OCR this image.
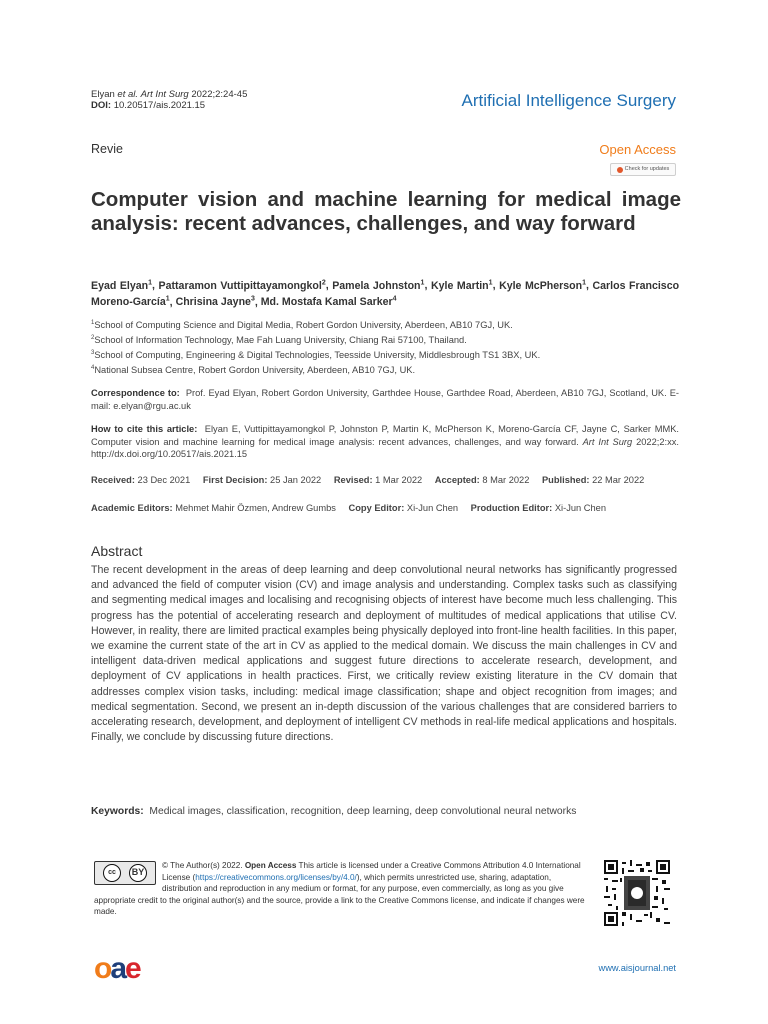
Elyan et al. Art Int Surg 2022;2:24-45
DOI: 10.20517/ais.2021.15	Artificial Intelligence Surgery
Revie	Open Access
Check for updates
Computer vision and machine learning for medical image analysis: recent advances, challenges, and way forward
Eyad Elyan$^1$, Pattaramon Vuttipittayamongkol$^2$, Pamela Johnston$^1$, Kyle Martin$^1$, Kyle McPherson$^1$, Carlos Francisco Moreno-García$^1$, Chrisina Jayne$^3$, Md. Mostafa Kamal Sarker$^4$
$^1$School of Computing Science and Digital Media, Robert Gordon University, Aberdeen, AB10 7GJ, UK.
$^2$School of Information Technology, Mae Fah Luang University, Chiang Rai 57100, Thailand.
$^3$School of Computing, Engineering & Digital Technologies, Teesside University, Middlesbrough TS1 3BX, UK.
$^4$National Subsea Centre, Robert Gordon University, Aberdeen, AB10 7GJ, UK.
Correspondence to: Prof. Eyad Elyan, Robert Gordon University, Garthdee House, Garthdee Road, Aberdeen, AB10 7GJ, Scotland, UK. E-mail: e.elyan@rgu.ac.uk
How to cite this article: Elyan E, Vuttipittayamongkol P, Johnston P, Martin K, McPherson K, Moreno-García CF, Jayne C, Sarker MMK. Computer vision and machine learning for medical image analysis: recent advances, challenges, and way forward. Art Int Surg 2022;2:xx. http://dx.doi.org/10.20517/ais.2021.15
Received: 23 Dec 2021 First Decision: 25 Jan 2022 Revised: 1 Mar 2022 Accepted: 8 Mar 2022 Published: 22 Mar 2022
Academic Editors: Mehmet Mahir Özmen, Andrew Gumbs Copy Editor: Xi-Jun Chen Production Editor: Xi-Jun Chen
Abstract
The recent development in the areas of deep learning and deep convolutional neural networks has significantly progressed and advanced the field of computer vision (CV) and image analysis and understanding. Complex tasks such as classifying and segmenting medical images and localising and recognising objects of interest have become much less challenging. This progress has the potential of accelerating research and deployment of multitudes of medical applications that utilise CV. However, in reality, there are limited practical examples being physically deployed into front-line health facilities. In this paper, we examine the current state of the art in CV as applied to the medical domain. We discuss the main challenges in CV and intelligent data-driven medical applications and suggest future directions to accelerate research, development, and deployment of CV applications in health practices. First, we critically review existing literature in the CV domain that addresses complex vision tasks, including: medical image classification; shape and object recognition from images; and medical segmentation. Second, we present an in-depth discussion of the various challenges that are considered barriers to accelerating research, development, and deployment of intelligent CV methods in real-life medical applications and hospitals. Finally, we conclude by discussing future directions.
Keywords: Medical images, classification, recognition, deep learning, deep convolutional neural networks
cc	BY
© The Author(s) 2022. Open Access This article is licensed under a Creative Commons Attribution 4.0 International License (https://creativecommons.org/licenses/by/4.0/), which permits unrestricted use, sharing, adaptation, distribution and reproduction in any medium or format, for any purpose, even commercially, as long as you give appropriate credit to the original author(s) and the source, provide a link to the Creative Commons license, and indicate if changes were made.
oae	www.aisjournal.net
